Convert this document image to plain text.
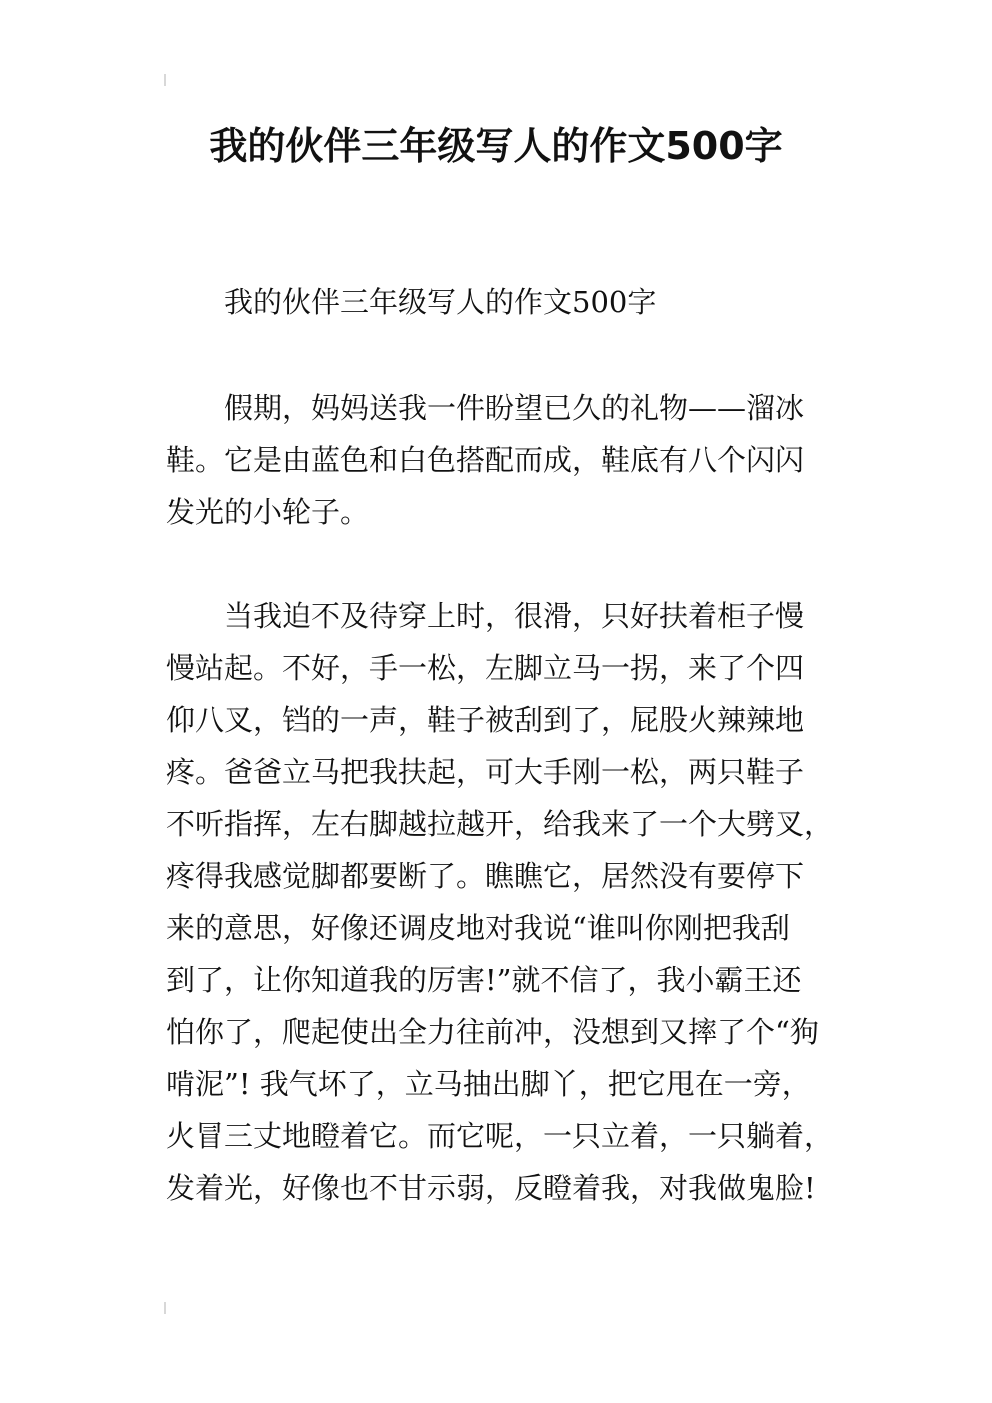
我的伙伴三年级写人的作文500字

我的伙伴三年级写人的作文500字

假期，妈妈送我一件盼望已久的礼物——溜冰
鞋。它是由蓝色和白色搭配而成，鞋底有八个闪闪
发光的小轮子。
当我迫不及待穿上时，很滑，只好扶着柜子慢
慢站起。不好，手一松，左脚立马一拐，来了个四
仰八叉，铛的一声，鞋子被刮到了，屁股火辣辣地
疼。爸爸立马把我扶起，可大手刚一松，两只鞋子
不听指挥，左右脚越拉越开，给我来了一个大劈叉，
疼得我感觉脚都要断了。瞧瞧它，居然没有要停下
来的意思，好像还调皮地对我说“谁叫你刚把我刮
到了，让你知道我的厉害!”就不信了，我小霸王还
怕你了，爬起使出全力往前冲，没想到又摔了个“狗
啃泥”! 我气坏了，立马抽出脚丫，把它甩在一旁，
火冒三丈地瞪着它。而它呢，一只立着，一只躺着，
发着光，好像也不甘示弱，反瞪着我，对我做鬼脸!
